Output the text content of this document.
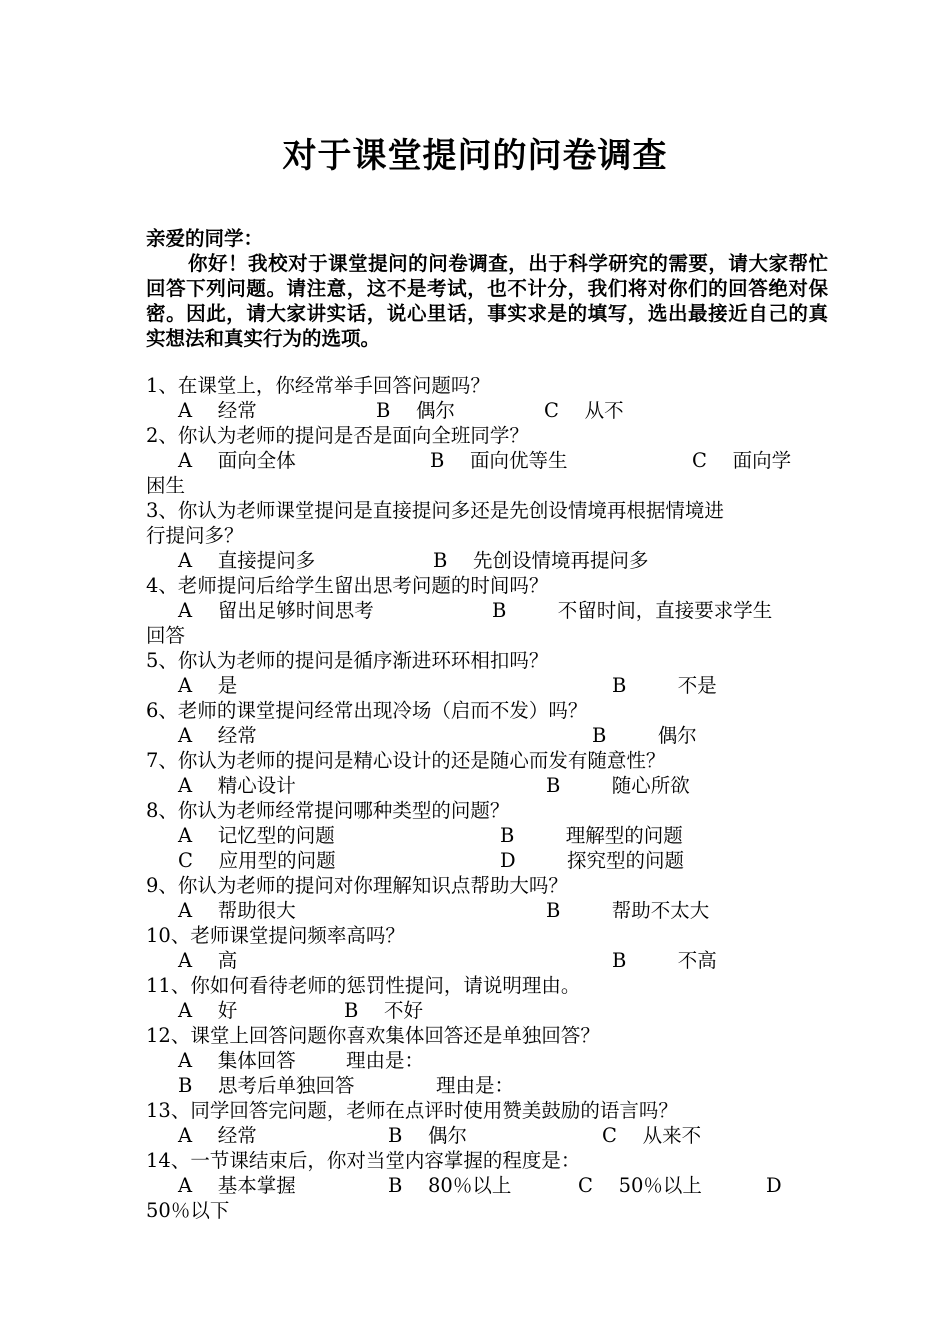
对于课堂提问的问卷调查

亲爱的同学：

你好！我校对于课堂提问的问卷调查，出于科学研究的需要，请大家帮忙回答下列问题。请注意，这不是考试，也不计分，我们将对你们的回答绝对保密。因此，请大家讲实话，说心里话，事实求是的填写，选出最接近自己的真实想法和真实行为的选项。

1、在课堂上，你经常举手回答问题吗？
A　 经常	B　 偶尔	C　 从不
2、你认为老师的提问是否是面向全班同学？
A　 面向全体	B　 面向优等生	C　 面向学
困生
3、你认为老师课堂提问是直接提问多还是先创设情境再根据情境进
行提问多？
A　 直接提问多	B　 先创设情境再提问多
4、老师提问后给学生留出思考问题的时间吗？
A　 留出足够时间思考	B　 　 不留时间，直接要求学生
回答
5、你认为老师的提问是循序渐进环环相扣吗？
A　 是	B　 　 不是
6、老师的课堂提问经常出现冷场（启而不发）吗？
A　 经常	B　 　 偶尔
7、你认为老师的提问是精心设计的还是随心而发有随意性？
A　 精心设计	B　 　 随心所欲
8、你认为老师经常提问哪种类型的问题？
A　 记忆型的问题	B　 　 理解型的问题
C　 应用型的问题	D　 　 探究型的问题
9、你认为老师的提问对你理解知识点帮助大吗？
A　 帮助很大	B　 　 帮助不太大
10、老师课堂提问频率高吗？
A　 高	B　 　 不高
11、你如何看待老师的惩罚性提问，请说明理由。
A　 好	B　 不好
12、课堂上回答问题你喜欢集体回答还是单独回答？
A　 集体回答	理由是：
B　 思考后单独回答	理由是：
13、同学回答完问题，老师在点评时使用赞美鼓励的语言吗？
A　 经常	B　 偶尔	C　 从来不
14、一节课结束后，你对当堂内容掌握的程度是：
A　 基本掌握	B　 80％以上	C　 50％以上	D
50％以下
